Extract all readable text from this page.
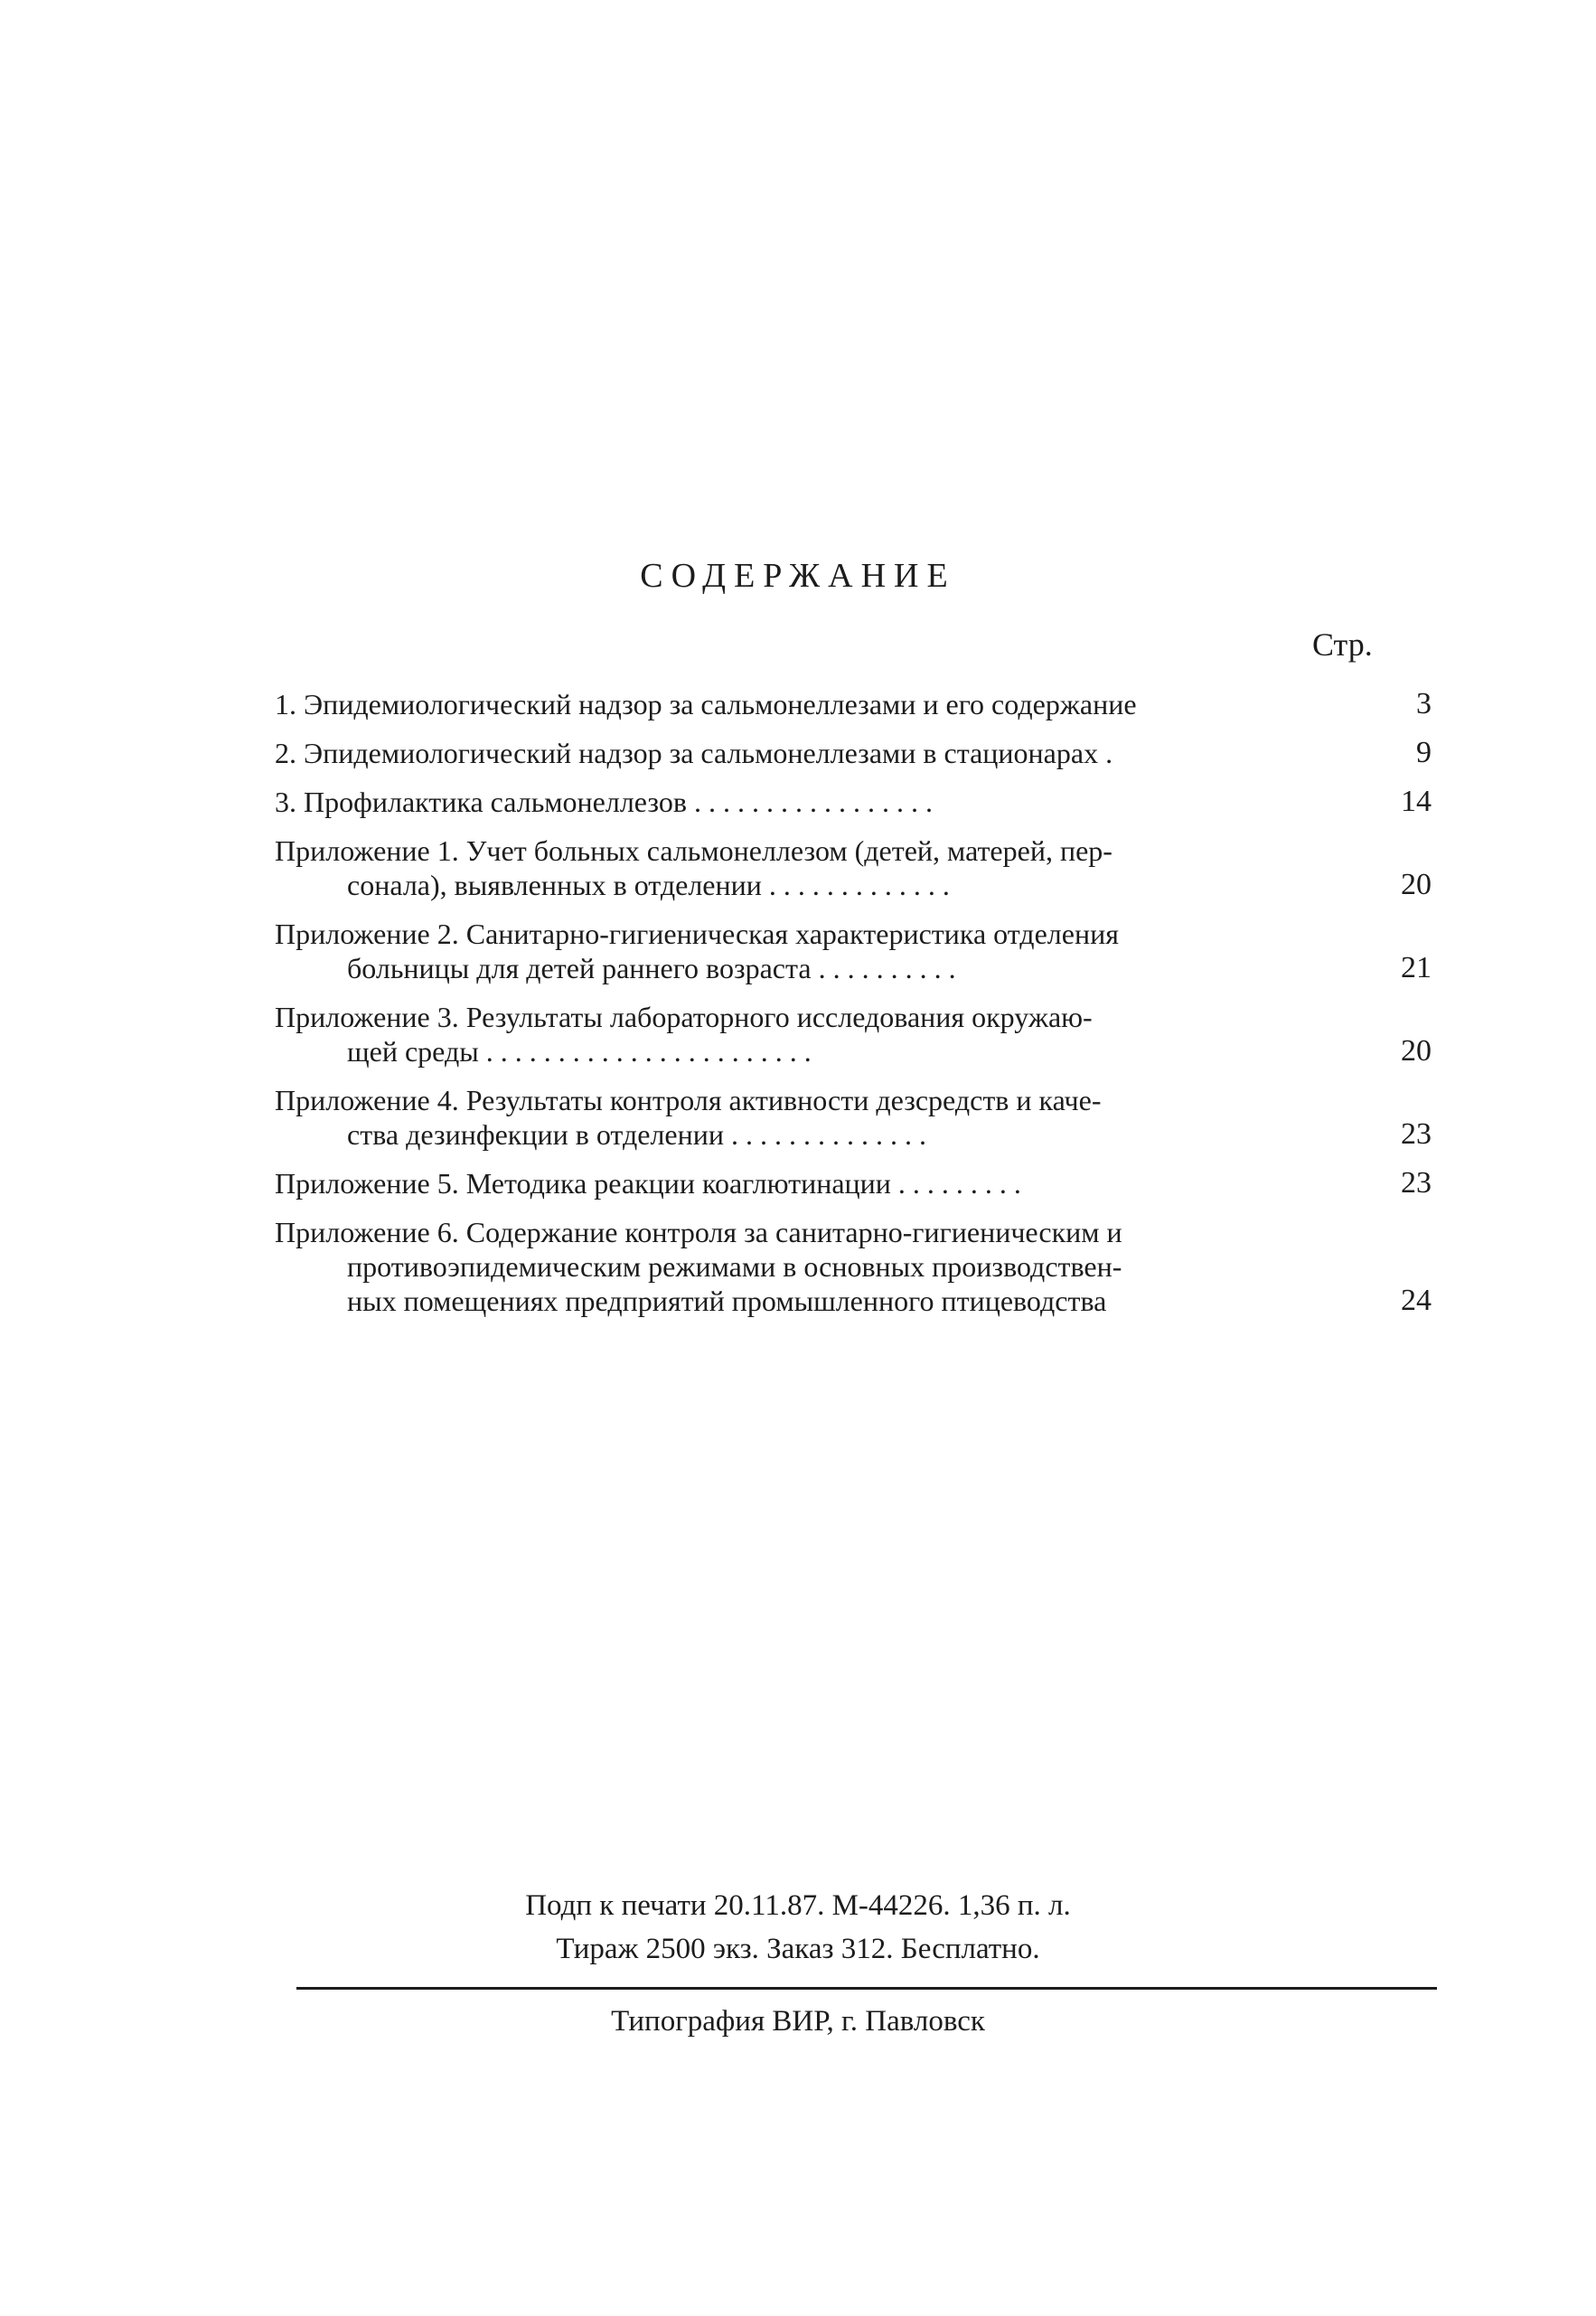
СОДЕРЖАНИЕ
Стр.
1. Эпидемиологический надзор за сальмонеллезами и его содержание	3
2. Эпидемиологический надзор за сальмонеллезами в стационарах .	9
3. Профилактика сальмонеллезов . . . . . . . . . . . . . . . . .	14
Приложение 1. Учет больных сальмонеллезом (детей, матерей, пер-
сонала), выявленных в отделении . . . . . . . . . . . . .	20
Приложение 2. Санитарно-гигиеническая характеристика отделения
больницы для детей раннего возраста . . . . . . . . . .	21
Приложение 3. Результаты лабораторного исследования окружаю-
щей среды . . . . . . . . . . . . . . . . . . . . . . .	20
Приложение 4. Результаты контроля активности дезсредств и каче-
ства дезинфекции в отделении . . . . . . . . . . . . . .	23
Приложение 5. Методика реакции коаглютинации . . . . . . . . .	23
Приложение 6. Содержание контроля за санитарно-гигиеническим и
противоэпидемическим режимами в основных производствен-
ных помещениях предприятий промышленного птицеводства	24
Подп к печати 20.11.87. М-44226. 1,36 п. л.
Тираж 2500 экз. Заказ 312. Бесплатно.
Типография ВИР, г. Павловск
